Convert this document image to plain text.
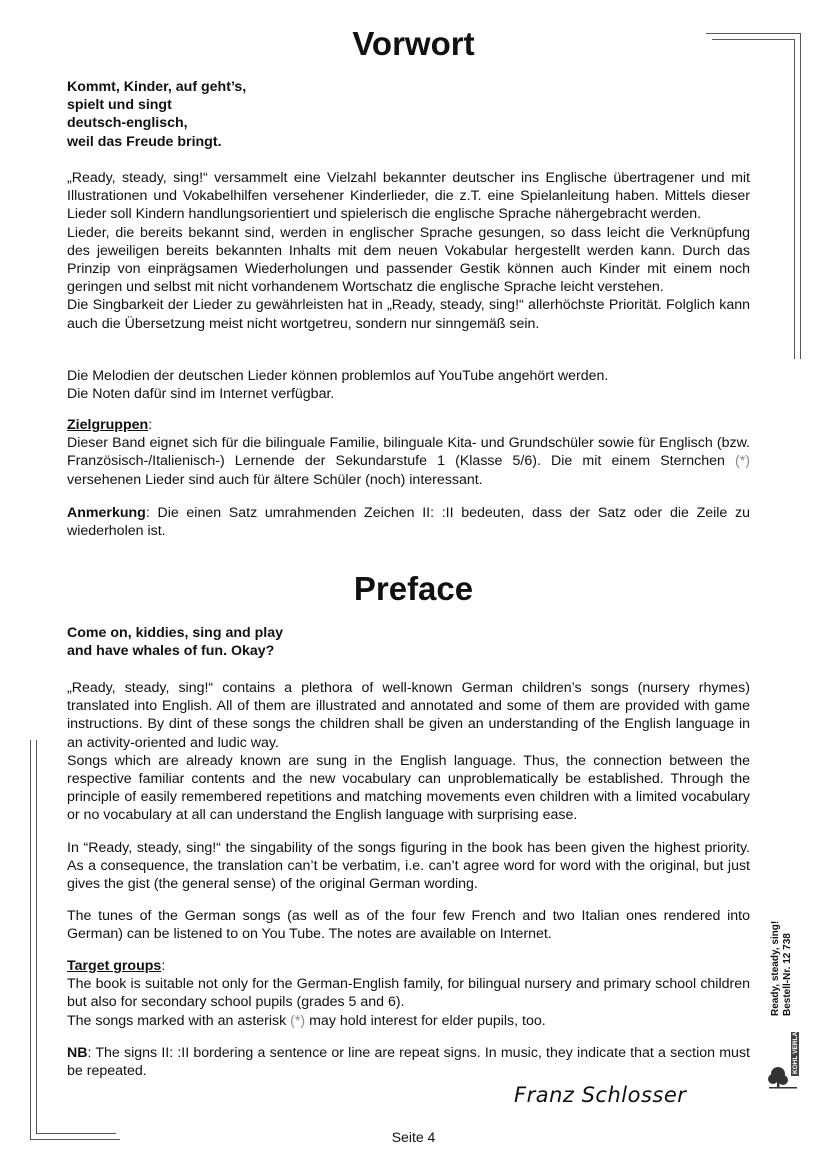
Vorwort

Kommt, Kinder, auf geht’s,

spielt und singt

deutsch-englisch,

weil das Freude bringt.

„Ready, steady, sing!“ versammelt eine Vielzahl bekannter deutscher ins Englische übertragener und mit Illustrationen und Vokabelhilfen versehener Kinderlieder, die z.T. eine Spielanleitung haben. Mittels dieser Lieder soll Kindern handlungsorientiert und spielerisch die englische Sprache nähergebracht werden.

Lieder, die bereits bekannt sind, werden in englischer Sprache gesungen, so dass leicht die Verknüpfung des jeweiligen bereits bekannten Inhalts mit dem neuen Vokabular hergestellt werden kann. Durch das Prinzip von einprägsamen Wiederholungen und passender Gestik können auch Kinder mit einem noch geringen und selbst mit nicht vorhandenem Wortschatz die englische Sprache leicht verstehen.

Die Singbarkeit der Lieder zu gewährleisten hat in „Ready, steady, sing!“ allerhöchste Priorität. Folglich kann auch die Übersetzung meist nicht wortgetreu, sondern nur sinngemäß sein.

Die Melodien der deutschen Lieder können problemlos auf YouTube angehört werden.

Die Noten dafür sind im Internet verfügbar.

Zielgruppen:

Dieser Band eignet sich für die bilinguale Familie, bilinguale Kita- und Grundschüler sowie für Englisch (bzw. Französisch-/Italienisch-) Lernende der Sekundarstufe 1 (Klasse 5/6). Die mit einem Sternchen (*) versehenen Lieder sind auch für ältere Schüler (noch) interessant.

Anmerkung: Die einen Satz umrahmenden Zeichen II: :II bedeuten, dass der Satz oder die Zeile zu wiederholen ist.

Preface

Come on, kiddies, sing and play

and have whales of fun. Okay?

„Ready, steady, sing!“ contains a plethora of well-known German children’s songs (nursery rhymes) translated into English. All of them are illustrated and annotated and some of them are provided with game instructions. By dint of these songs the children shall be given an understanding of the English language in an activity-oriented and ludic way.

Songs which are already known are sung in the English language. Thus, the connection between the respective familiar contents and the new vocabulary can unproblematically be established. Through the principle of easily remembered repetitions and matching movements even children with a limited vocabulary or no vocabulary at all can understand the English language with surprising ease.

In “Ready, steady, sing!“ the singability of the songs figuring in the book has been given the highest priority. As a consequence, the translation can’t be verbatim, i.e. can’t agree word for word with the original, but just gives the gist (the general sense) of the original German wording.
The tunes of the German songs (as well as of the four few French and two Italian ones rendered into German) can be listened to on You Tube. The notes are available on Internet.

Target groups:

The book is suitable not only for the German-English family, for bilingual nursery and primary school children but also for secondary school pupils (grades 5 and 6).

The songs marked with an asterisk (*) may hold interest for elder pupils, too.

NB: The signs II: :II bordering a sentence or line are repeat signs. In music, they indicate that a section must be repeated.

Franz Schlosser
Ready, steady, sing! Bestell-Nr. 12 738
KOHL VERLAG
Seite 4
